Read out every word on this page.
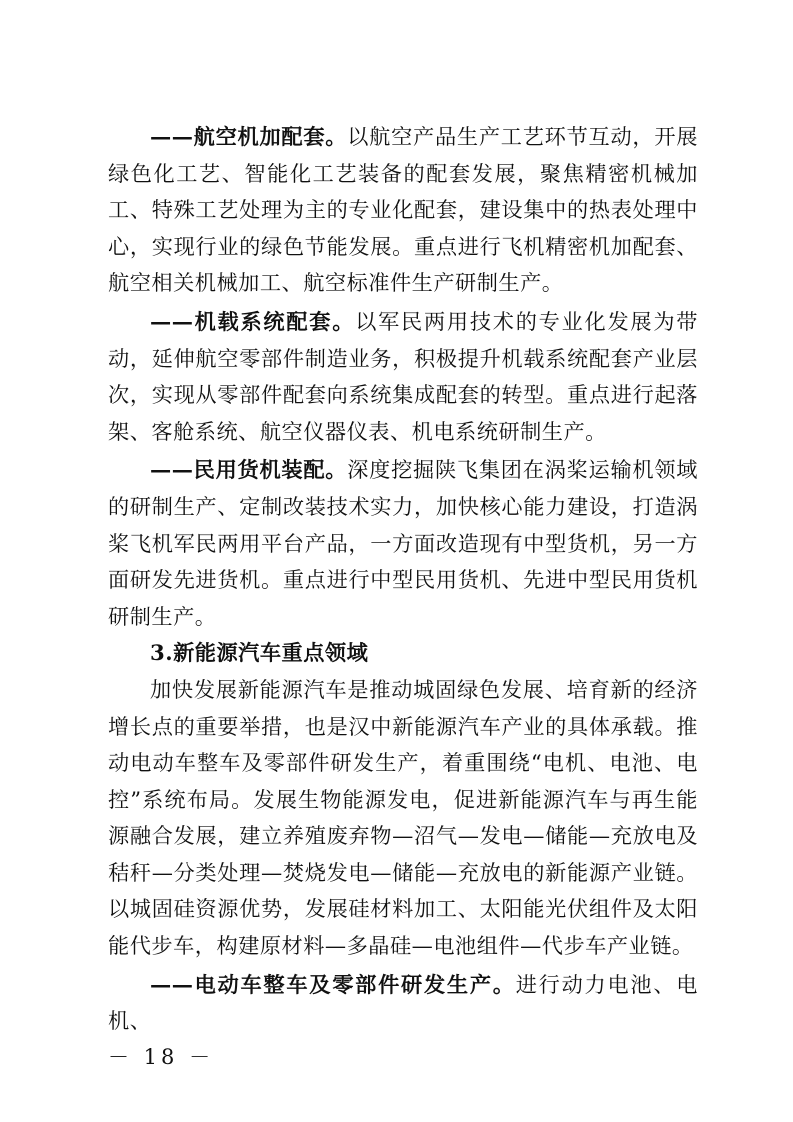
——航空机加配套。以航空产品生产工艺环节互动，开展绿色化工艺、智能化工艺装备的配套发展，聚焦精密机械加工、特殊工艺处理为主的专业化配套，建设集中的热表处理中心，实现行业的绿色节能发展。重点进行飞机精密机加配套、航空相关机械加工、航空标准件生产研制生产。

——机载系统配套。以军民两用技术的专业化发展为带动，延伸航空零部件制造业务，积极提升机载系统配套产业层次，实现从零部件配套向系统集成配套的转型。重点进行起落架、客舱系统、航空仪器仪表、机电系统研制生产。

——民用货机装配。深度挖掘陕飞集团在涡桨运输机领域的研制生产、定制改装技术实力，加快核心能力建设，打造涡桨飞机军民两用平台产品，一方面改造现有中型货机，另一方面研发先进货机。重点进行中型民用货机、先进中型民用货机研制生产。

3.新能源汽车重点领域

加快发展新能源汽车是推动城固绿色发展、培育新的经济增长点的重要举措，也是汉中新能源汽车产业的具体承载。推动电动车整车及零部件研发生产，着重围绕“电机、电池、电控”系统布局。发展生物能源发电，促进新能源汽车与再生能源融合发展，建立养殖废弃物—沼气—发电—储能—充放电及秸秆—分类处理—焚烧发电—储能—充放电的新能源产业链。以城固硅资源优势，发展硅材料加工、太阳能光伏组件及太阳能代步车，构建原材料—多晶硅—电池组件—代步车产业链。

——电动车整车及零部件研发生产。进行动力电池、电机、

－ 18 －
